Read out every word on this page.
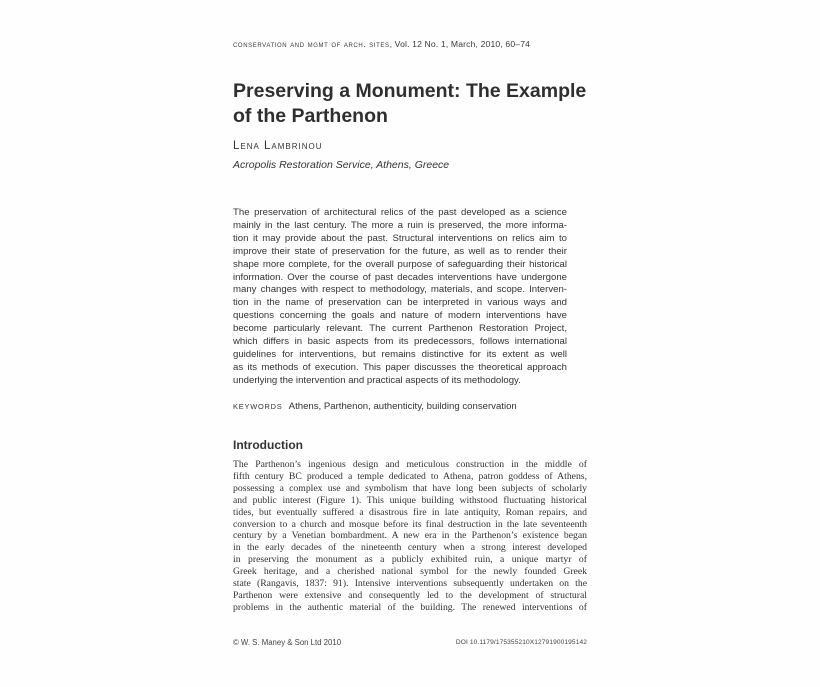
conservation and mgmt of arch. sites, Vol. 12 No. 1, March, 2010, 60–74
Preserving a Monument: The Example
of the Parthenon
Lena Lambrinou
Acropolis Restoration Service, Athens, Greece
The preservation of architectural relics of the past developed as a science
mainly in the last century. The more a ruin is preserved, the more informa-
tion it may provide about the past. Structural interventions on relics aim to
improve their state of preservation for the future, as well as to render their
shape more complete, for the overall purpose of safeguarding their historical
information. Over the course of past decades interventions have undergone
many changes with respect to methodology, materials, and scope. Interven-
tion in the name of preservation can be interpreted in various ways and
questions concerning the goals and nature of modern interventions have
become particularly relevant. The current Parthenon Restoration Project,
which differs in basic aspects from its predecessors, follows international
guidelines for interventions, but remains distinctive for its extent as well
as its methods of execution. This paper discusses the theoretical approach
underlying the intervention and practical aspects of its methodology.
KEYWORDS Athens, Parthenon, authenticity, building conservation
Introduction
The Parthenon’s ingenious design and meticulous construction in the middle of
fifth century BC produced a temple dedicated to Athena, patron goddess of Athens,
possessing a complex use and symbolism that have long been subjects of scholarly
and public interest (Figure 1). This unique building withstood fluctuating historical
tides, but eventually suffered a disastrous fire in late antiquity, Roman repairs, and
conversion to a church and mosque before its final destruction in the late seventeenth
century by a Venetian bombardment. A new era in the Parthenon’s existence began
in the early decades of the nineteenth century when a strong interest developed
in preserving the monument as a publicly exhibited ruin, a unique martyr of
Greek heritage, and a cherished national symbol for the newly founded Greek
state (Rangavis, 1837: 91). Intensive interventions subsequently undertaken on the
Parthenon were extensive and consequently led to the development of structural
problems in the authentic material of the building. The renewed interventions of
© W. S. Maney & Son Ltd 2010	DOI 10.1179/175355210X12791900195142
